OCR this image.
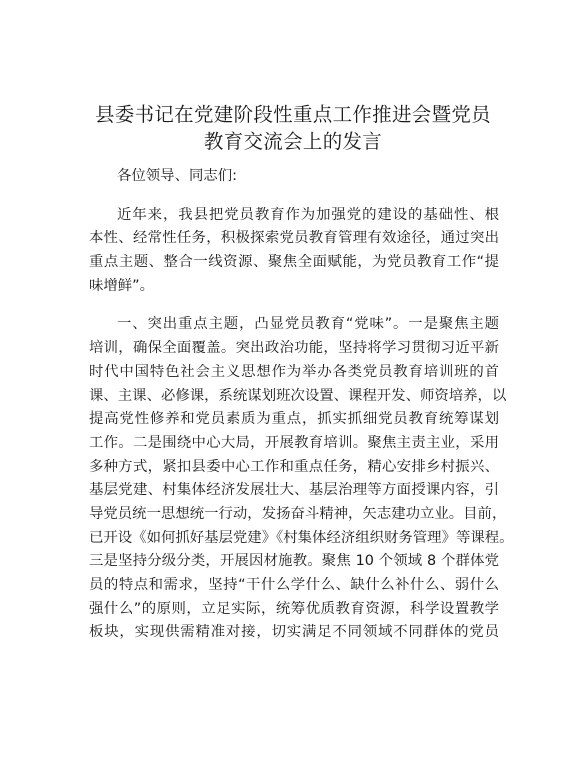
县委书记在党建阶段性重点工作推进会暨党员
教育交流会上的发言
各位领导、同志们:
近年来，我县把党员教育作为加强党的建设的基础性、根
本性、经常性任务，积极探索党员教育管理有效途径，通过突出
重点主题、整合一线资源、聚焦全面赋能，为党员教育工作“提
味增鲜”。
一、突出重点主题，凸显党员教育“党味”。一是聚焦主题
培训，确保全面覆盖。突出政治功能，坚持将学习贯彻习近平新
时代中国特色社会主义思想作为举办各类党员教育培训班的首
课、主课、必修课，系统谋划班次设置、课程开发、师资培养，以
提高党性修养和党员素质为重点，抓实抓细党员教育统筹谋划
工作。二是围绕中心大局，开展教育培训。聚焦主责主业，采用
多种方式，紧扣县委中心工作和重点任务，精心安排乡村振兴、
基层党建、村集体经济发展壮大、基层治理等方面授课内容，引
导党员统一思想统一行动，发扬奋斗精神，矢志建功立业。目前，
已开设《如何抓好基层党建》《村集体经济组织财务管理》等课程。
三是坚持分级分类，开展因材施教。聚焦 10 个领域 8 个群体党
员的特点和需求，坚持“干什么学什么、缺什么补什么、弱什么
强什么”的原则，立足实际，统筹优质教育资源，科学设置教学
板块，实现供需精准对接，切实满足不同领域不同群体的党员
